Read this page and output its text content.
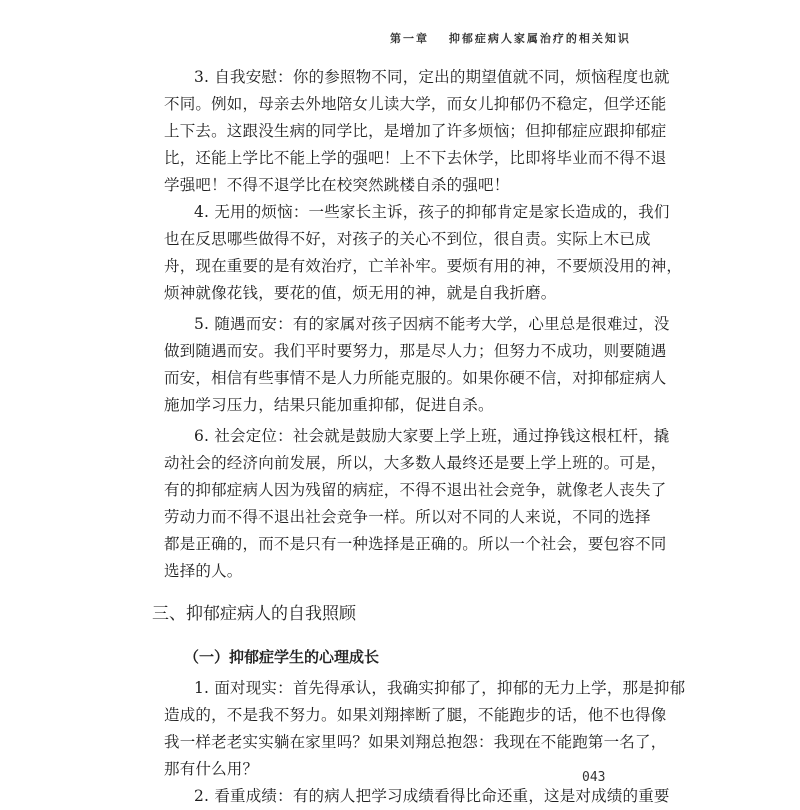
第一章 抑郁症病人家属治疗的相关知识
3. 自我安慰：你的参照物不同，定出的期望值就不同，烦恼程度也就
不同。例如，母亲去外地陪女儿读大学，而女儿抑郁仍不稳定，但学还能
上下去。这跟没生病的同学比，是增加了许多烦恼；但抑郁症应跟抑郁症
比，还能上学比不能上学的强吧！上不下去休学，比即将毕业而不得不退
学强吧！不得不退学比在校突然跳楼自杀的强吧！
4. 无用的烦恼：一些家长主诉，孩子的抑郁肯定是家长造成的，我们
也在反思哪些做得不好，对孩子的关心不到位，很自责。实际上木已成
舟，现在重要的是有效治疗，亡羊补牢。要烦有用的神，不要烦没用的神，
烦神就像花钱，要花的值，烦无用的神，就是自我折磨。
5. 随遇而安：有的家属对孩子因病不能考大学，心里总是很难过，没
做到随遇而安。我们平时要努力，那是尽人力；但努力不成功，则要随遇
而安，相信有些事情不是人力所能克服的。如果你硬不信，对抑郁症病人
施加学习压力，结果只能加重抑郁，促进自杀。
6. 社会定位：社会就是鼓励大家要上学上班，通过挣钱这根杠杆，撬
动社会的经济向前发展，所以，大多数人最终还是要上学上班的。可是，
有的抑郁症病人因为残留的病症，不得不退出社会竞争，就像老人丧失了
劳动力而不得不退出社会竞争一样。所以对不同的人来说，不同的选择
都是正确的，而不是只有一种选择是正确的。所以一个社会，要包容不同
选择的人。
三、抑郁症病人的自我照顾
（一）抑郁症学生的心理成长
1. 面对现实：首先得承认，我确实抑郁了，抑郁的无力上学，那是抑郁
造成的，不是我不努力。如果刘翔摔断了腿，不能跑步的话，他不也得像
我一样老老实实躺在家里吗？如果刘翔总抱怨：我现在不能跑第一名了，
那有什么用？
2. 看重成绩：有的病人把学习成绩看得比命还重，这是对成绩的重要
043
